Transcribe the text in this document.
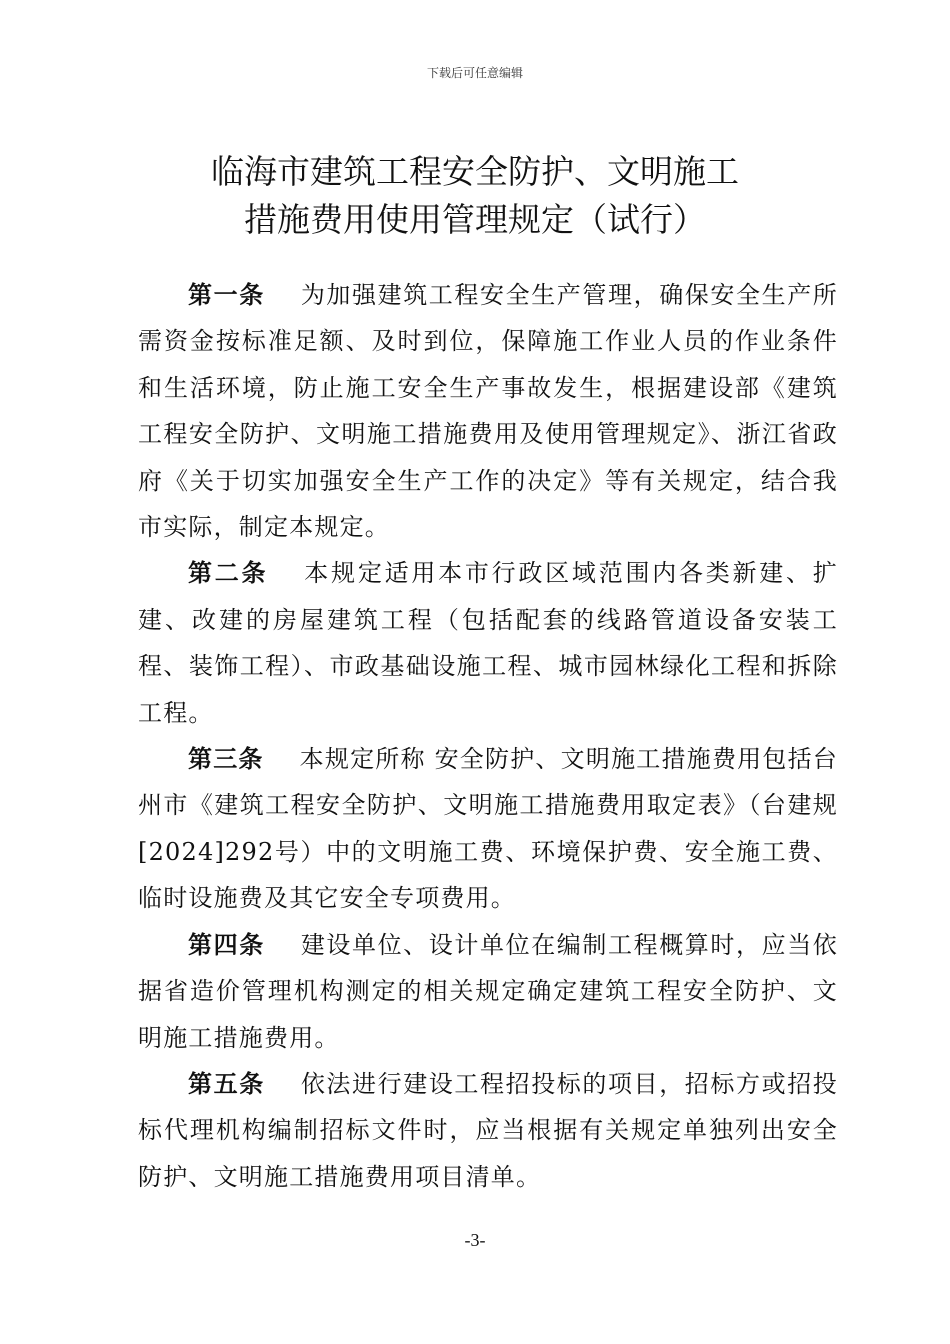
下载后可任意编辑
临海市建筑工程安全防护、文明施工
措施费用使用管理规定（试行）

第一条 为加强建筑工程安全生产管理，确保安全生产所需资金按标准足额、及时到位，保障施工作业人员的作业条件和生活环境，防止施工安全生产事故发生，根据建设部《建筑工程安全防护、文明施工措施费用及使用管理规定》、浙江省政府《关于切实加强安全生产工作的决定》等有关规定，结合我市实际，制定本规定。

第二条 本规定适用本市行政区域范围内各类新建、扩建、改建的房屋建筑工程（包括配套的线路管道设备安装工程、装饰工程）、市政基础设施工程、城市园林绿化工程和拆除工程。

第三条 本规定所称 安全防护、文明施工措施费用包括台州市《建筑工程安全防护、文明施工措施费用取定表》（台建规[2024]292号）中的文明施工费、环境保护费、安全施工费、临时设施费及其它安全专项费用。

第四条 建设单位、设计单位在编制工程概算时，应当依据省造价管理机构测定的相关规定确定建筑工程安全防护、文明施工措施费用。

第五条 依法进行建设工程招投标的项目，招标方或招投标代理机构编制招标文件时，应当根据有关规定单独列出安全防护、文明施工措施费用项目清单。

-3-
